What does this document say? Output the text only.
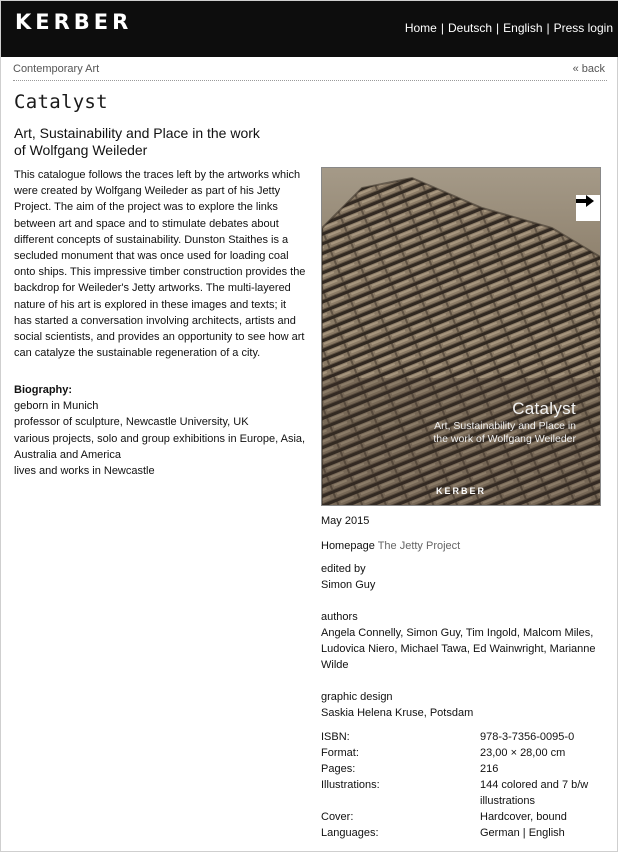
KERBER	Home | Deutsch | English | Press login
Contemporary Art	« back
Catalyst
Art, Sustainability and Place in the work of Wolfgang Weileder

This catalogue follows the traces left by the artworks which were created by Wolfgang Weileder as part of his Jetty Project. The aim of the project was to explore the links between art and space and to stimulate debates about different concepts of sustainability. Dunston Staithes is a secluded monument that was once used for loading coal onto ships. This impressive timber construction provides the backdrop for Weileder's Jetty artworks. The multi-layered nature of his art is explored in these images and texts; it has started a conversation involving architects, artists and social scientists, and provides an opportunity to see how art can catalyze the sustainable regeneration of a city.

Biography:
geborn in Munich
professor of sculpture, Newcastle University, UK
various projects, solo and group exhibitions in Europe, Asia, Australia and America
lives and works in Newcastle
Catalyst
Art, Sustainability and Place in the work of Wolfgang Weileder
KERBER
May 2015
Homepage The Jetty Project
edited by
Simon Guy
authors
Angela Connelly, Simon Guy, Tim Ingold, Malcom Miles, Ludovica Niero, Michael Tawa, Ed Wainwright, Marianne Wilde
graphic design
Saskia Helena Kruse, Potsdam
ISBN:	978-3-7356-0095-0
Format:	23,00 × 28,00 cm
Pages:	216
Illustrations:	144 colored and 7 b/w illustrations
Cover:	Hardcover, bound
Languages:	German | English
